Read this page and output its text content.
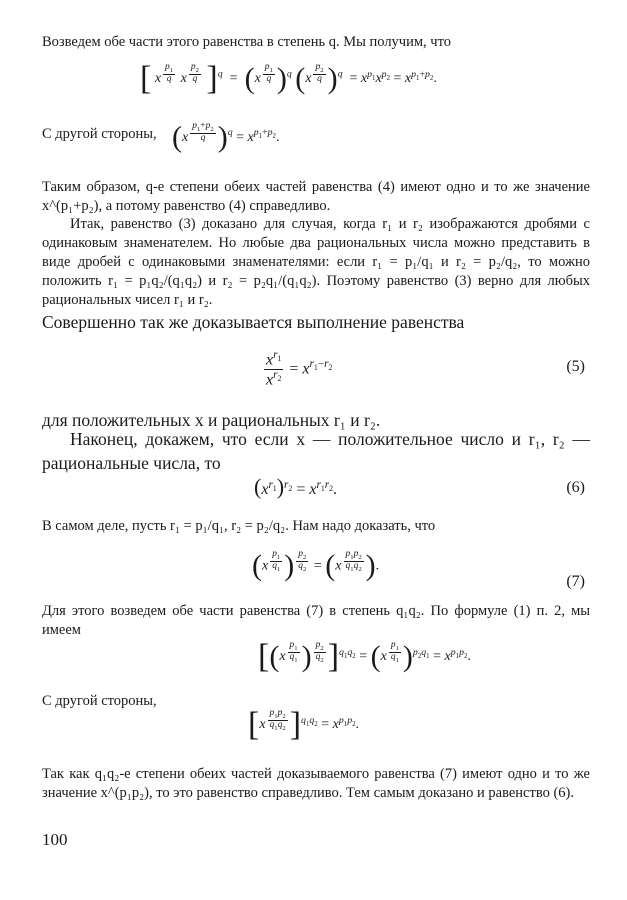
Возведем обе части этого равенства в степень q. Мы получим, что
[ x $^{\frac{p_1}{q}}$ x $^{\frac{p_2}{q}}$ ]$^q$  =  (x $^{\frac{p_1}{q}}$ )$^q$ (x $^{\frac{p_2}{q}}$ )$^q = x^{p_1}x^{p_2} = x^{p_1+p_2}$.
С другой стороны, (x $^{\frac{p_1+p_2}{q}}$ )$^q = x^{p_1+p_2}$.
Таким образом, q-е степени обеих частей равенства (4) имеют одно и то же значение x^(p₁+p₂), а потому равенство (4) справедливо.
Итак, равенство (3) доказано для случая, когда r₁ и r₂ изображаются дробями с одинаковым знаменателем. Но любые два рациональных числа можно представить в виде дробей с одинаковыми знаменателями: если r₁ = p₁/q₁ и r₂ = p₂/q₂, то можно положить r₁ = p₁q₂/(q₁q₂) и r₂ = p₂q₁/(q₁q₂). Поэтому равенство (3) верно для любых рациональных чисел r₁ и r₂.
Совершенно так же доказывается выполнение равенства
$\frac{x^{r_1}}{x^{r_2}} = x^{r_1-r_2}$	(5)
для положительных x и рациональных r₁ и r₂.
Наконец, докажем, что если x — положительное число и r₁, r₂ — рациональные числа, то
$(x^{r_1})^{r_2} = x^{r_1r_2}$.	(6)
В самом деле, пусть r₁ = p₁/q₁, r₂ = p₂/q₂. Нам надо доказать, что
(x $^{\frac{p_1}{q_1}}$ ) $^{\frac{p_2}{q_2}}$ = (x $^{\frac{p_1p_2}{q_1q_2}}$ ).
(7)
Для этого возведем обе части равенства (7) в степень q₁q₂. По формуле (1) п. 2, мы имеем
[(x $^{\frac{p_1}{q_1}}$ ) $^{\frac{p_2}{q_2}}$ ]$^{q_1q_2}$ = (x $^{\frac{p_1}{q_1}}$ )$^{p_2q_1} = x^{p_1p_2}$.
С другой стороны,
[x $^{\frac{p_1p_2}{q_1q_2}}$ ]$^{q_1q_2} = x^{p_1p_2}$.
Так как q₁q₂-е степени обеих частей доказываемого равенства (7) имеют одно и то же значение x^(p₁p₂), то это равенство справедливо. Тем самым доказано и равенство (6).
100
